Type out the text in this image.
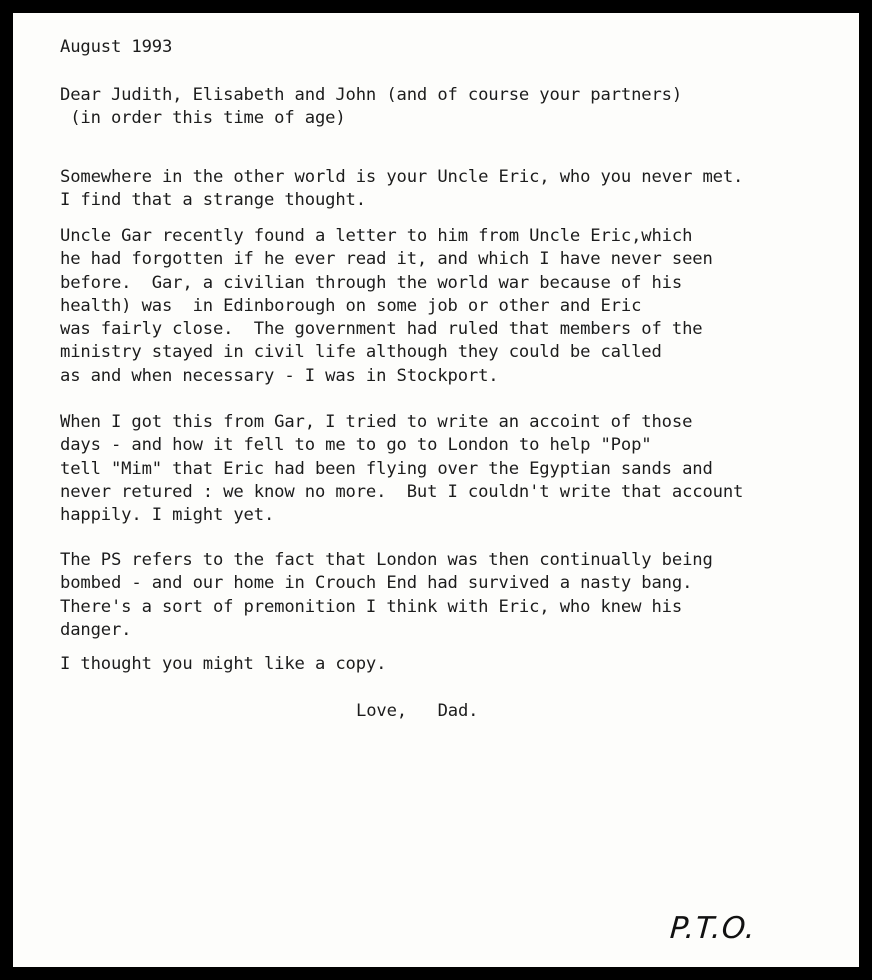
August 1993

Dear Judith, Elisabeth and John (and of course your partners)

(in order this time of age)

Somewhere in the other world is your Uncle Eric, who you never met.

I find that a strange thought.

Uncle Gar recently found a letter to him from Uncle Eric,which

he had forgotten if he ever read it, and which I have never seen

before.  Gar, a civilian through the world war because of his

health) was  in Edinborough on some job or other and Eric

was fairly close.  The government had ruled that members of the

ministry stayed in civil life although they could be called

as and when necessary - I was in Stockport.

When I got this from Gar, I tried to write an accoint of those

days - and how it fell to me to go to London to help "Pop"

tell "Mim" that Eric had been flying over the Egyptian sands and

never retured : we know no more.  But I couldn't write that account

happily. I might yet.

The PS refers to the fact that London was then continually being

bombed - and our home in Crouch End had survived a nasty bang.

There's a sort of premonition I think with Eric, who knew his

danger.

I thought you might like a copy.

Love,   Dad.

P.T.O.
